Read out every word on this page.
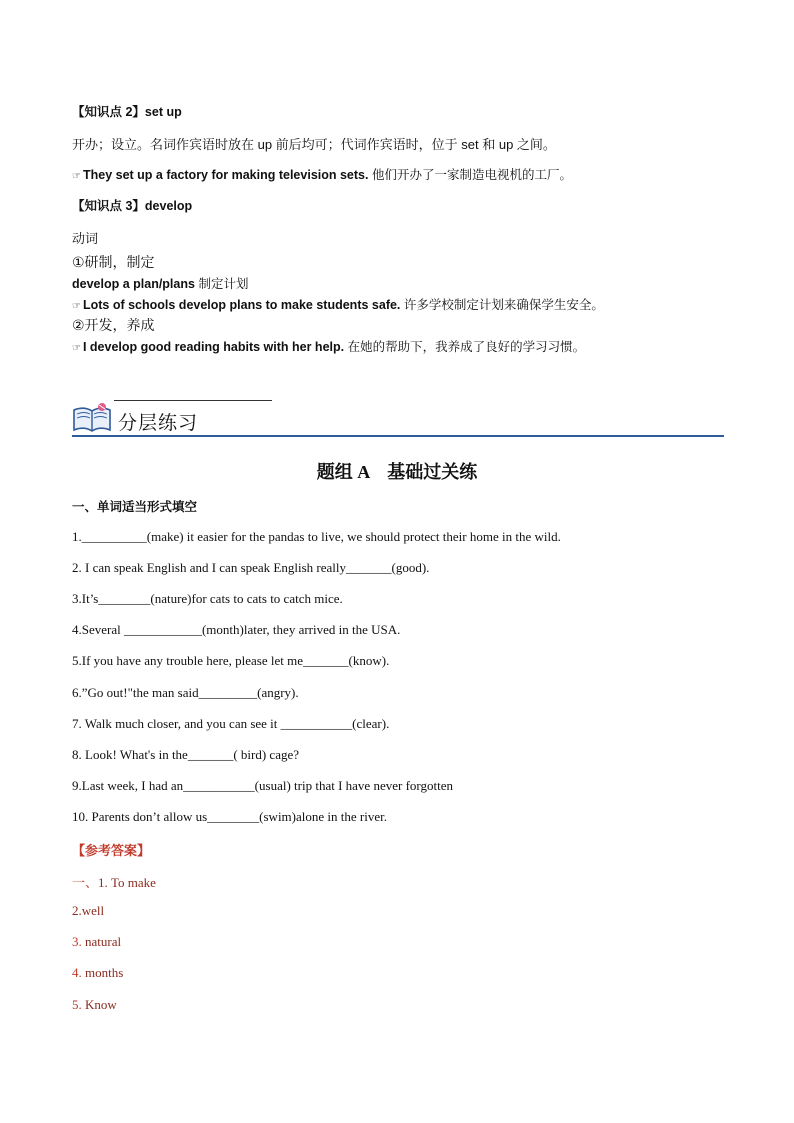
【知识点 2】set up
开办；设立。名词作宾语时放在 up 前后均可；代词作宾语时，位于 set 和 up 之间。
☞ They set up a factory for making television sets. 他们开办了一家制造电视机的工厂。
【知识点 3】develop
动词
①研制，制定
develop a plan/plans 制定计划
☞ Lots of schools develop plans to make students safe. 许多学校制定计划来确保学生安全。
②开发，养成
☞ I develop good reading habits with her help. 在她的帮助下，我养成了良好的学习习惯。
分层练习
题组 A　基础过关练
一、单词适当形式填空
1.__________(make) it easier for the pandas to live, we should protect their home in the wild.
2. I can speak English and I can speak English really_______(good).
3.It’s________(nature)for cats to cats to catch mice.
4.Several ____________(month)later, they arrived in the USA.
5.If you have any trouble here, please let me_______(know).
6.”Go out!"the man said_________(angry).
7. Walk much closer, and you can see it ___________(clear).
8. Look! What's in the_______( bird) cage?
9.Last week, I had an___________(usual) trip that I have never forgotten
10. Parents don’t allow us________(swim)alone in the river.
【参考答案】
一、1. To make
2.well
3. natural
4. months
5. Know
